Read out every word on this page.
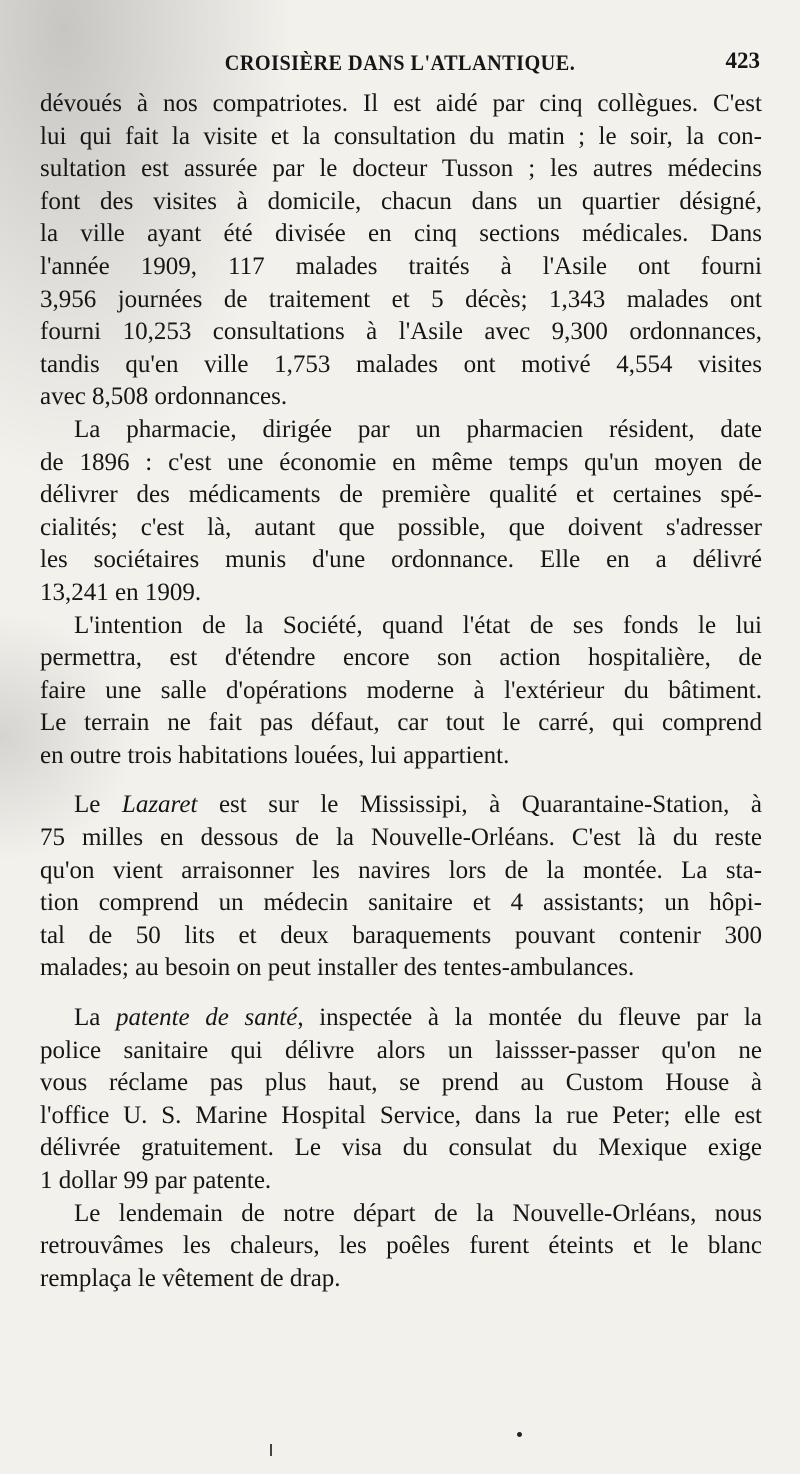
CROISIÈRE DANS L'ATLANTIQUE.	423
dévoués à nos compatriotes. Il est aidé par cinq collègues. C'est
lui qui fait la visite et la consultation du matin ; le soir, la con-
sultation est assurée par le docteur Tusson ; les autres médecins
font des visites à domicile, chacun dans un quartier désigné,
la ville ayant été divisée en cinq sections médicales. Dans
l'année 1909, 117 malades traités à l'Asile ont fourni
3,956 journées de traitement et 5 décès; 1,343 malades ont
fourni 10,253 consultations à l'Asile avec 9,300 ordonnances,
tandis qu'en ville 1,753 malades ont motivé 4,554 visites
avec 8,508 ordonnances.
La pharmacie, dirigée par un pharmacien résident, date
de 1896 : c'est une économie en même temps qu'un moyen de
délivrer des médicaments de première qualité et certaines spé-
cialités; c'est là, autant que possible, que doivent s'adresser
les sociétaires munis d'une ordonnance. Elle en a délivré
13,241 en 1909.
L'intention de la Société, quand l'état de ses fonds le lui
permettra, est d'étendre encore son action hospitalière, de
faire une salle d'opérations moderne à l'extérieur du bâtiment.
Le terrain ne fait pas défaut, car tout le carré, qui comprend
en outre trois habitations louées, lui appartient.
Le Lazaret est sur le Mississipi, à Quarantaine-Station, à
75 milles en dessous de la Nouvelle-Orléans. C'est là du reste
qu'on vient arraisonner les navires lors de la montée. La sta-
tion comprend un médecin sanitaire et 4 assistants; un hôpi-
tal de 50 lits et deux baraquements pouvant contenir 300
malades; au besoin on peut installer des tentes-ambulances.
La patente de santé, inspectée à la montée du fleuve par la
police sanitaire qui délivre alors un laissser-passer qu'on ne
vous réclame pas plus haut, se prend au Custom House à
l'office U. S. Marine Hospital Service, dans la rue Peter; elle est
délivrée gratuitement. Le visa du consulat du Mexique exige
1 dollar 99 par patente.
Le lendemain de notre départ de la Nouvelle-Orléans, nous
retrouvâmes les chaleurs, les poêles furent éteints et le blanc
remplaça le vêtement de drap.
